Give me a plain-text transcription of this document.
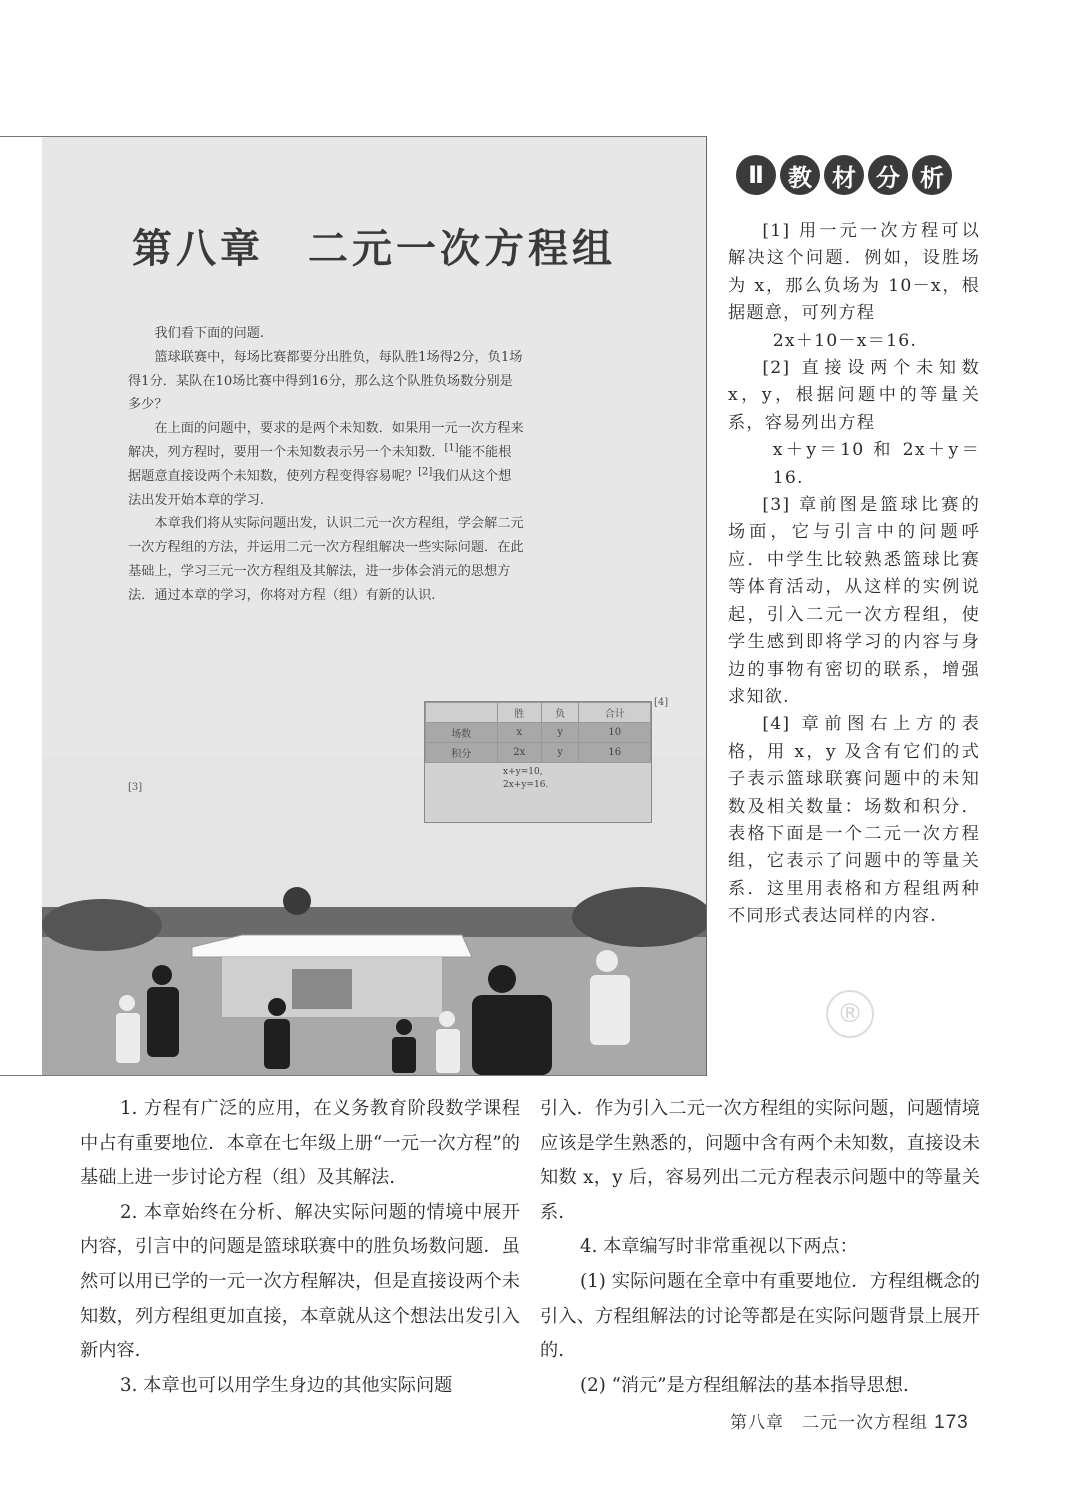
第八章　二元一次方程组

我们看下面的问题.

篮球联赛中，每场比赛都要分出胜负，每队胜1场得2分，负1场得1分．某队在10场比赛中得到16分，那么这个队胜负场数分别是多少？

在上面的问题中，要求的是两个未知数．如果用一元一次方程来解决，列方程时，要用一个未知数表示另一个未知数．[1]能不能根据题意直接设两个未知数，使列方程变得容易呢？[2]我们从这个想法出发开始本章的学习.

本章我们将从实际问题出发，认识二元一次方程组，学会解二元一次方程组的方法，并运用二元一次方程组解决一些实际问题．在此基础上，学习三元一次方程组及其解法，进一步体会消元的思想方法．通过本章的学习，你将对方程（组）有新的认识.

	胜	负	合计
场数	x	y	10
积分	2x	y	16
x+y=10,
2x+y=16.
[4]
[3]
Ⅱ	教 材 分 析

[1] 用一元一次方程可以解决这个问题．例如，设胜场为 x，那么负场为 10－x，根据题意，可列方程

2x＋10－x＝16.

[2] 直接设两个未知数 x，y，根据问题中的等量关系，容易列出方程

x＋y＝10 和 2x＋y＝16.

[3] 章前图是篮球比赛的场面，它与引言中的问题呼应．中学生比较熟悉篮球比赛等体育活动，从这样的实例说起，引入二元一次方程组，使学生感到即将学习的内容与身边的事物有密切的联系，增强求知欲.

[4] 章前图右上方的表格，用 x，y 及含有它们的式子表示篮球联赛问题中的未知数及相关数量：场数和积分．表格下面是一个二元一次方程组，它表示了问题中的等量关系．这里用表格和方程组两种不同形式表达同样的内容.

®

1. 方程有广泛的应用，在义务教育阶段数学课程中占有重要地位．本章在七年级上册“一元一次方程”的基础上进一步讨论方程（组）及其解法.

2. 本章始终在分析、解决实际问题的情境中展开内容，引言中的问题是篮球联赛中的胜负场数问题．虽然可以用已学的一元一次方程解决，但是直接设两个未知数，列方程组更加直接，本章就从这个想法出发引入新内容.

3. 本章也可以用学生身边的其他实际问题

引入．作为引入二元一次方程组的实际问题，问题情境应该是学生熟悉的，问题中含有两个未知数，直接设未知数 x，y 后，容易列出二元方程表示问题中的等量关系.

4. 本章编写时非常重视以下两点：

(1) 实际问题在全章中有重要地位．方程组概念的引入、方程组解法的讨论等都是在实际问题背景上展开的.

(2) “消元”是方程组解法的基本指导思想.

第八章　二元一次方程组 173
